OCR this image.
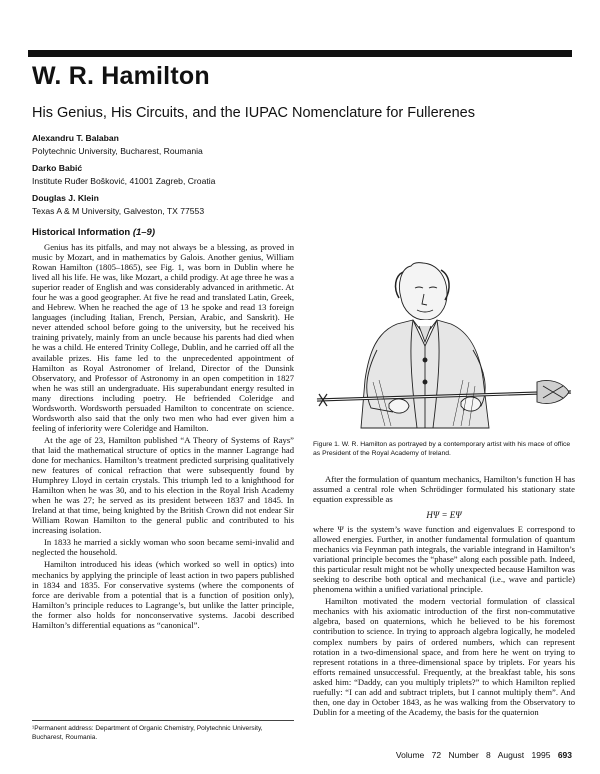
W. R. Hamilton
His Genius, His Circuits, and the IUPAC Nomenclature for Fullerenes
Alexandru T. Balaban
Polytechnic University, Bucharest, Roumania
Darko Babić
Institute Ruđer Bošković, 41001 Zagreb, Croatia
Douglas J. Klein
Texas A & M University, Galveston, TX 77553
Historical Information (1–9)

Genius has its pitfalls, and may not always be a blessing, as proved in music by Mozart, and in mathematics by Galois. Another genius, William Rowan Hamilton (1805–1865), see Fig. 1, was born in Dublin where he lived all his life. He was, like Mozart, a child prodigy. At age three he was a superior reader of English and was considerably advanced in arithmetic. At four he was a good geographer. At five he read and translated Latin, Greek, and Hebrew. When he reached the age of 13 he spoke and read 13 foreign languages (including Italian, French, Persian, Arabic, and Sanskrit). He never attended school before going to the university, but he received his training privately, mainly from an uncle because his parents had died when he was a child. He entered Trinity College, Dublin, and he carried off all the available prizes. His fame led to the unprecedented appointment of Hamilton as Royal Astronomer of Ireland, Director of the Dunsink Observatory, and Professor of Astronomy in an open competition in 1827 when he was still an undergraduate. His superabundant energy resulted in many directions including poetry. He befriended Coleridge and Wordsworth. Wordsworth persuaded Hamilton to concentrate on science. Wordsworth also said that the only two men who had ever given him a feeling of inferiority were Coleridge and Hamilton.

At the age of 23, Hamilton published “A Theory of Systems of Rays” that laid the mathematical structure of optics in the manner Lagrange had done for mechanics. Hamilton’s treatment predicted surprising qualitatively new features of conical refraction that were subsequently found by Humphrey Lloyd in certain crystals. This triumph led to a knighthood for Hamilton when he was 30, and to his election in the Royal Irish Academy when he was 27; he served as its president between 1837 and 1845. In Ireland at that time, being knighted by the British Crown did not endear Sir William Rowan Hamilton to the general public and contributed to his increasing isolation.

In 1833 he married a sickly woman who soon became semi-invalid and neglected the household.

Hamilton introduced his ideas (which worked so well in optics) into mechanics by applying the principle of least action in two papers published in 1834 and 1835. For conservative systems (where the components of force are derivable from a potential that is a function of position only), Hamilton’s principle reduces to Lagrange’s, but unlike the latter principle, the former also holds for nonconservative systems. Jacobi described Hamilton’s differential equations as “canonical”.

¹Permanent address: Department of Organic Chemistry, Polytechnic University, Bucharest, Roumania.
Figure 1. W. R. Hamilton as portrayed by a contemporary artist with his mace of office as President of the Royal Academy of Ireland.

After the formulation of quantum mechanics, Hamilton’s function H has assumed a central role when Schrödinger formulated his stationary state equation expressible as

HΨ = EΨ

where Ψ is the system’s wave function and eigenvalues E correspond to allowed energies. Further, in another fundamental formulation of quantum mechanics via Feynman path integrals, the variable integrand in Hamilton’s variational principle becomes the “phase” along each possible path. Indeed, this particular result might not be wholly unexpected because Hamilton was seeking to describe both optical and mechanical (i.e., wave and particle) phenomena within a unified variational principle.

Hamilton motivated the modern vectorial formulation of classical mechanics with his axiomatic introduction of the first non-commutative algebra, based on quaternions, which he believed to be his foremost contribution to science. In trying to approach algebra logically, he modeled complex numbers by pairs of ordered numbers, which can represent rotation in a two-dimensional space, and from here he went on trying to represent rotations in a three-dimensional space by triplets. For years his efforts remained unsuccessful. Frequently, at the breakfast table, his sons asked him: “Daddy, can you multiply triplets?” to which Hamilton replied ruefully: “I can add and subtract triplets, but I cannot multiply them”. And then, one day in October 1843, as he was walking from the Observatory to Dublin for a meeting of the Academy, the basis for the quaternion

Volume 72 Number 8 August 1995 693
